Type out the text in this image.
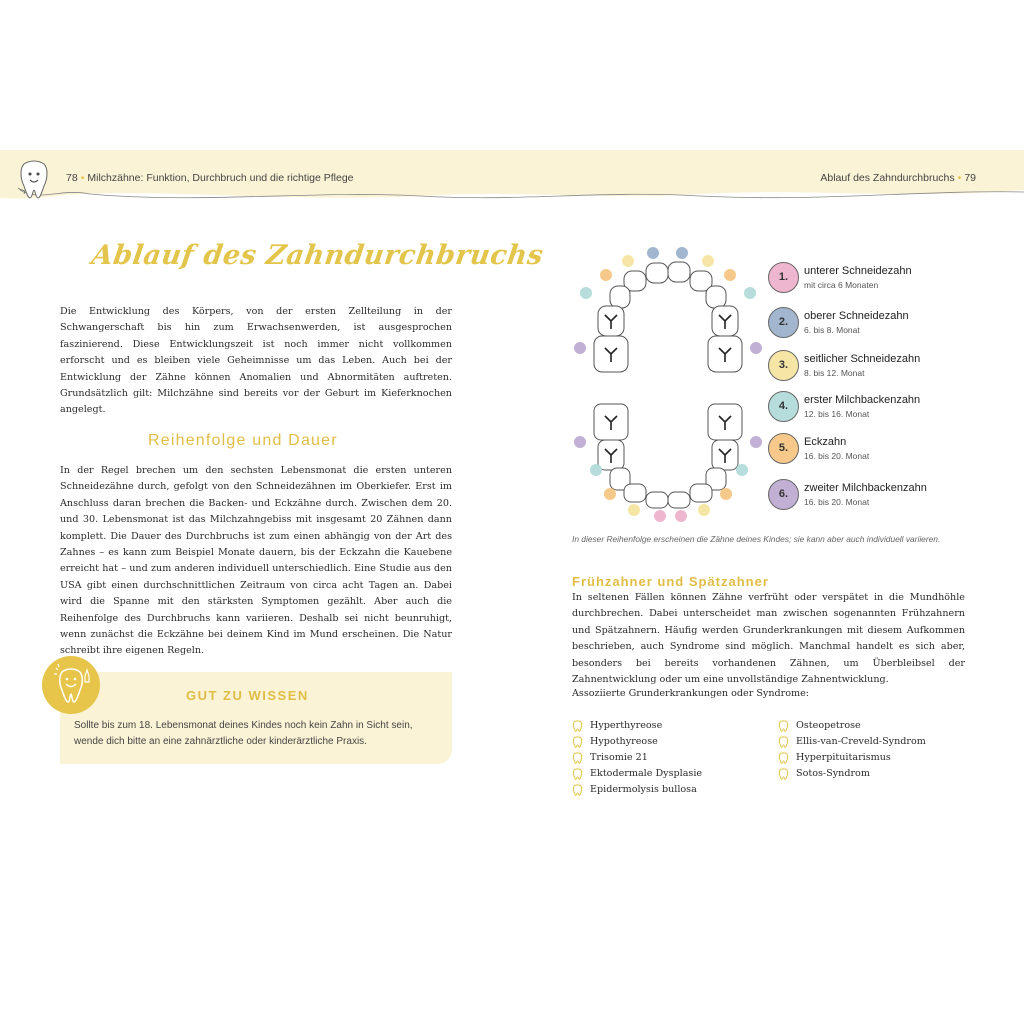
78 • Milchzähne: Funktion, Durchbruch und die richtige Pflege	Ablauf des Zahndurchbruchs • 79
Ablauf des Zahndurchbruchs

Die Entwicklung des Körpers, von der ersten Zellteilung in der Schwangerschaft bis hin zum Erwachsenwerden, ist ausgesprochen faszinierend. Diese Entwicklungszeit ist noch immer nicht vollkommen erforscht und es bleiben viele Geheimnisse um das Leben. Auch bei der Entwicklung der Zähne können Anomalien und Abnormitäten auftreten. Grundsätzlich gilt: Milchzähne sind bereits vor der Geburt im Kieferknochen angelegt.

Reihenfolge und Dauer

In der Regel brechen um den sechsten Lebensmonat die ersten unteren Schneidezähne durch, gefolgt von den Schneidezähnen im Oberkiefer. Erst im Anschluss daran brechen die Backen- und Eckzähne durch. Zwischen dem 20. und 30. Lebensmonat ist das Milchzahngebiss mit insgesamt 20 Zähnen dann komplett. Die Dauer des Durchbruchs ist zum einen abhängig von der Art des Zahnes – es kann zum Beispiel Monate dauern, bis der Eckzahn die Kauebene erreicht hat – und zum anderen individuell unterschiedlich. Eine Studie aus den USA gibt einen durchschnittlichen Zeitraum von circa acht Tagen an. Dabei wird die Spanne mit den stärksten Symptomen gezählt. Aber auch die Reihenfolge des Durchbruchs kann variieren. Deshalb sei nicht beunruhigt, wenn zunächst die Eckzähne bei deinem Kind im Mund erscheinen. Die Natur schreibt ihre eigenen Regeln.

GUT ZU WISSEN
Sollte bis zum 18. Lebensmonat deines Kindes noch kein Zahn in Sicht sein, wende dich bitte an eine zahnärztliche oder kinderärztliche Praxis.
1.	unterer Schneidezahn
mit circa 6 Monaten
2.	oberer Schneidezahn
6. bis 8. Monat
3.	seitlicher Schneidezahn
8. bis 12. Monat
4.	erster Milchbackenzahn
12. bis 16. Monat
5.	Eckzahn
16. bis 20. Monat
6.	zweiter Milchbackenzahn
16. bis 20. Monat
In dieser Reihenfolge erscheinen die Zähne deines Kindes; sie kann aber auch individuell variieren.
Frühzahner und Spätzahner

In seltenen Fällen können Zähne verfrüht oder verspätet in die Mundhöhle durchbrechen. Dabei unterscheidet man zwischen sogenannten Frühzahnern und Spätzahnern. Häufig werden Grunderkrankungen mit diesem Aufkommen beschrieben, auch Syndrome sind möglich. Manchmal handelt es sich aber, besonders bei bereits vorhandenen Zähnen, um Überbleibsel der Zahnentwicklung oder um eine unvollständige Zahnentwicklung.

Assoziierte Grunderkrankungen oder Syndrome:
Hyperthyreose
Hypothyreose
Trisomie 21
Ektodermale Dysplasie
Epidermolysis bullosa
Osteopetrose
Ellis-van-Creveld-Syndrom
Hyperpituitarismus
Sotos-Syndrom
